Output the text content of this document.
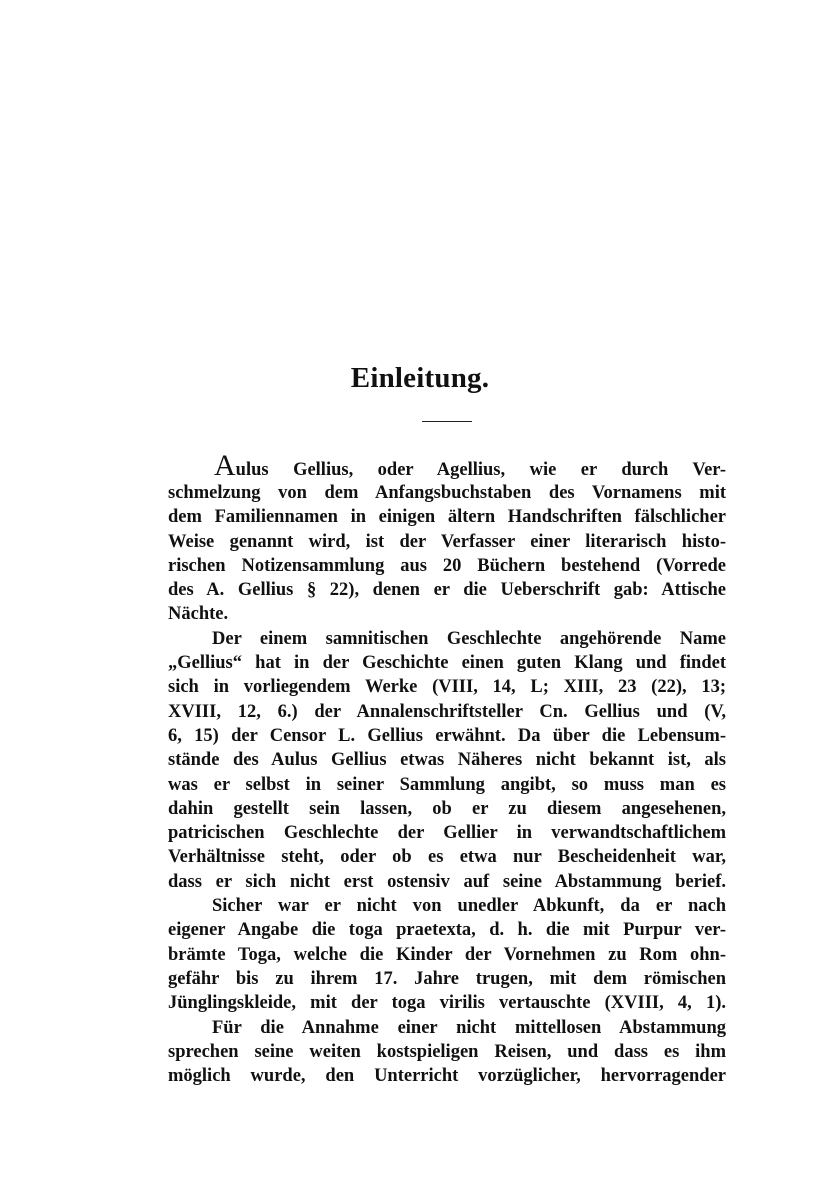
Einleitung.
Aulus Gellius, oder Agellius, wie er durch Ver-
schmelzung von dem Anfangsbuchstaben des Vornamens mit
dem Familiennamen in einigen ältern Handschriften fälschlicher
Weise genannt wird, ist der Verfasser einer literarisch histo-
rischen Notizensammlung aus 20 Büchern bestehend (Vorrede
des A. Gellius § 22), denen er die Ueberschrift gab: Attische
Nächte.
Der einem samnitischen Geschlechte angehörende Name
„Gellius“ hat in der Geschichte einen guten Klang und findet
sich in vorliegendem Werke (VIII, 14, L; XIII, 23 (22), 13;
XVIII, 12, 6.) der Annalenschriftsteller Cn. Gellius und (V,
6, 15) der Censor L. Gellius erwähnt. Da über die Lebensum-
stände des Aulus Gellius etwas Näheres nicht bekannt ist, als
was er selbst in seiner Sammlung angibt, so muss man es
dahin gestellt sein lassen, ob er zu diesem angesehenen,
patricischen Geschlechte der Gellier in verwandtschaftlichem
Verhältnisse steht, oder ob es etwa nur Bescheidenheit war,
dass er sich nicht erst ostensiv auf seine Abstammung berief.
Sicher war er nicht von unedler Abkunft, da er nach
eigener Angabe die toga praetexta, d. h. die mit Purpur ver-
brämte Toga, welche die Kinder der Vornehmen zu Rom ohn-
gefähr bis zu ihrem 17. Jahre trugen, mit dem römischen
Jünglingskleide, mit der toga virilis vertauschte (XVIII, 4, 1).
Für die Annahme einer nicht mittellosen Abstammung
sprechen seine weiten kostspieligen Reisen, und dass es ihm
möglich wurde, den Unterricht vorzüglicher, hervorragender
